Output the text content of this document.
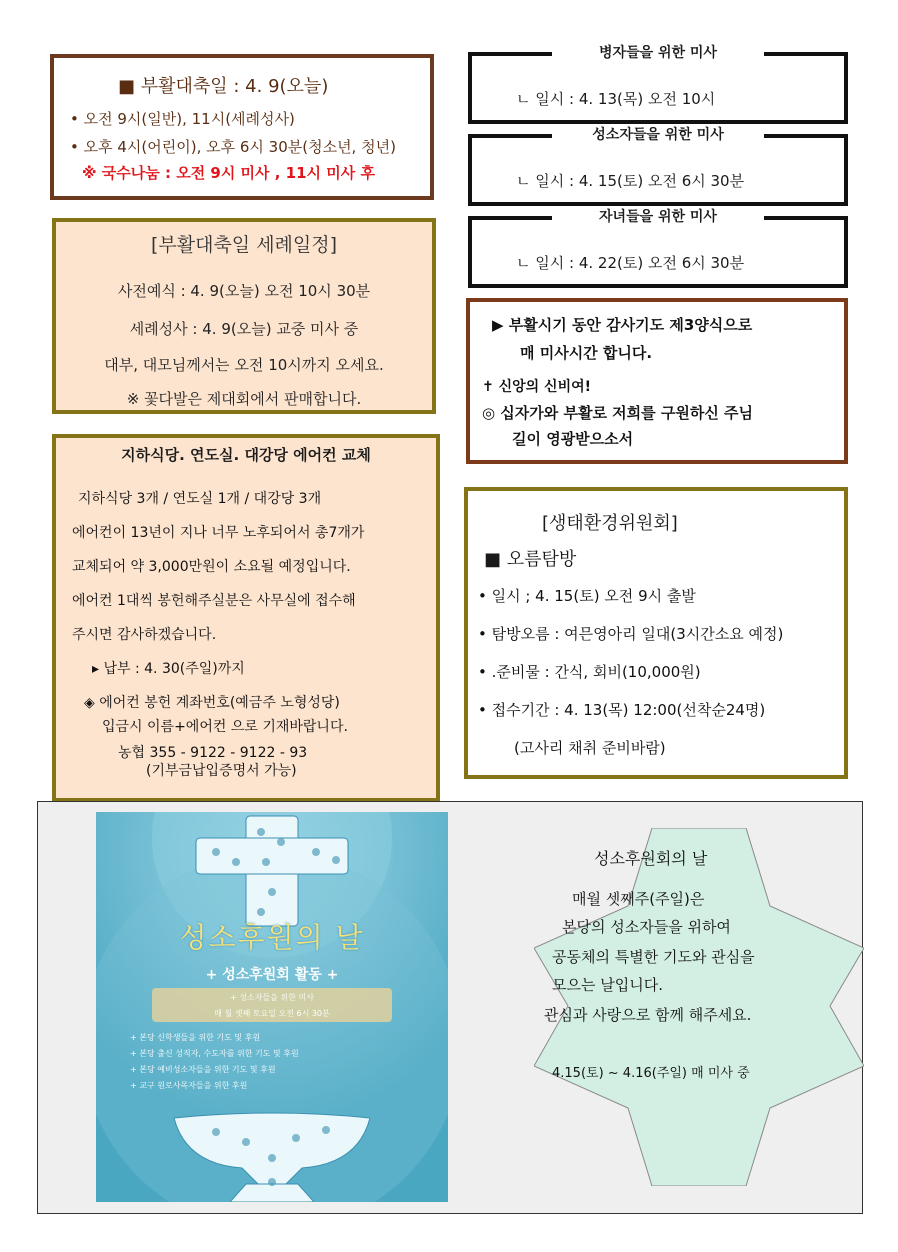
■ 부활대축일 : 4. 9(오늘)
• 오전 9시(일반), 11시(세례성사)
• 오후 4시(어린이), 오후 6시 30분(청소년, 청년)
※ 국수나눔 : 오전 9시 미사 , 11시 미사 후
[부활대축일 세례일정]
사전예식 : 4. 9(오늘) 오전 10시 30분
세례성사 : 4. 9(오늘) 교중 미사 중
대부, 대모님께서는 오전 10시까지 오세요.
※ 꽃다발은 제대회에서 판매합니다.
지하식당. 연도실. 대강당 에어컨 교체
지하식당 3개 / 연도실 1개 / 대강당 3개
에어컨이 13년이 지나 너무 노후되어서 총7개가
교체되어 약 3,000만원이 소요될 예정입니다.
에어컨 1대씩 봉헌해주실분은 사무실에 접수해
주시면 감사하겠습니다.
▸ 납부 : 4. 30(주일)까지
◈ 에어컨 봉헌 계좌번호(예금주 노형성당)
입금시 이름+에어컨 으로 기재바랍니다.
농협 355 - 9122 - 9122 - 93
(기부금납입증명서 가능)
병자들을 위한 미사
ㄴ 일시 : 4. 13(목) 오전 10시
성소자들을 위한 미사
ㄴ 일시 : 4. 15(토) 오전 6시 30분
자녀들을 위한 미사
ㄴ 일시 : 4. 22(토) 오전 6시 30분
▶ 부활시기 동안 감사기도 제3양식으로
매 미사시간 합니다.
✝ 신앙의 신비여!
◎ 십자가와 부활로 저희를 구원하신 주님
길이 영광받으소서
[생태환경위원회]
■ 오름탐방
• 일시 ; 4. 15(토) 오전 9시 출발
• 탐방오름 : 여믄영아리 일대(3시간소요 예정)
• .준비물 : 간식, 회비(10,000원)
• 접수기간 : 4. 13(목) 12:00(선착순24명)
(고사리 채취 준비바람)
성소후원의 날
+ 성소후원회 활동 +
+ 성소자들을 위한 미사
매 월 셋째 토요일 오전 6시 30분
+ 본당 신학생들을 위한 기도 및 후원
+ 본당 출신 성직자, 수도자를 위한 기도 및 후원
+ 본당 예비성소자들을 위한 기도 및 후원
+ 교구 원로사목자들을 위한 후원
성소후원회의 날
매월 셋째주(주일)은
본당의 성소자들을 위하여
공동체의 특별한 기도와 관심을
모으는 날입니다.
관심과 사랑으로 함께 해주세요.
4.15(토) ~ 4.16(주일) 매 미사 중
